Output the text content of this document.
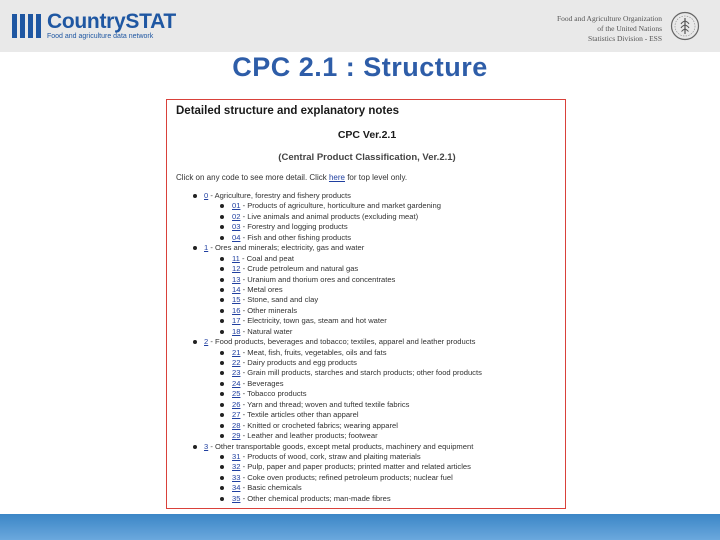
CountrySTAT
Food and agriculture data network
Food and Agriculture Organization
of the United Nations
Statistics Division - ESS
CPC 2.1 : Structure
Detailed structure and explanatory notes
CPC Ver.2.1
(Central Product Classification, Ver.2.1)
Click on any code to see more detail. Click here for top level only.
0 - Agriculture, forestry and fishery products
01 - Products of agriculture, horticulture and market gardening
02 - Live animals and animal products (excluding meat)
03 - Forestry and logging products
04 - Fish and other fishing products
1 - Ores and minerals; electricity, gas and water
11 - Coal and peat
12 - Crude petroleum and natural gas
13 - Uranium and thorium ores and concentrates
14 - Metal ores
15 - Stone, sand and clay
16 - Other minerals
17 - Electricity, town gas, steam and hot water
18 - Natural water
2 - Food products, beverages and tobacco; textiles, apparel and leather products
21 - Meat, fish, fruits, vegetables, oils and fats
22 - Dairy products and egg products
23 - Grain mill products, starches and starch products; other food products
24 - Beverages
25 - Tobacco products
26 - Yarn and thread; woven and tufted textile fabrics
27 - Textile articles other than apparel
28 - Knitted or crocheted fabrics; wearing apparel
29 - Leather and leather products; footwear
3 - Other transportable goods, except metal products, machinery and equipment
31 - Products of wood, cork, straw and plaiting materials
32 - Pulp, paper and paper products; printed matter and related articles
33 - Coke oven products; refined petroleum products; nuclear fuel
34 - Basic chemicals
35 - Other chemical products; man-made fibres
